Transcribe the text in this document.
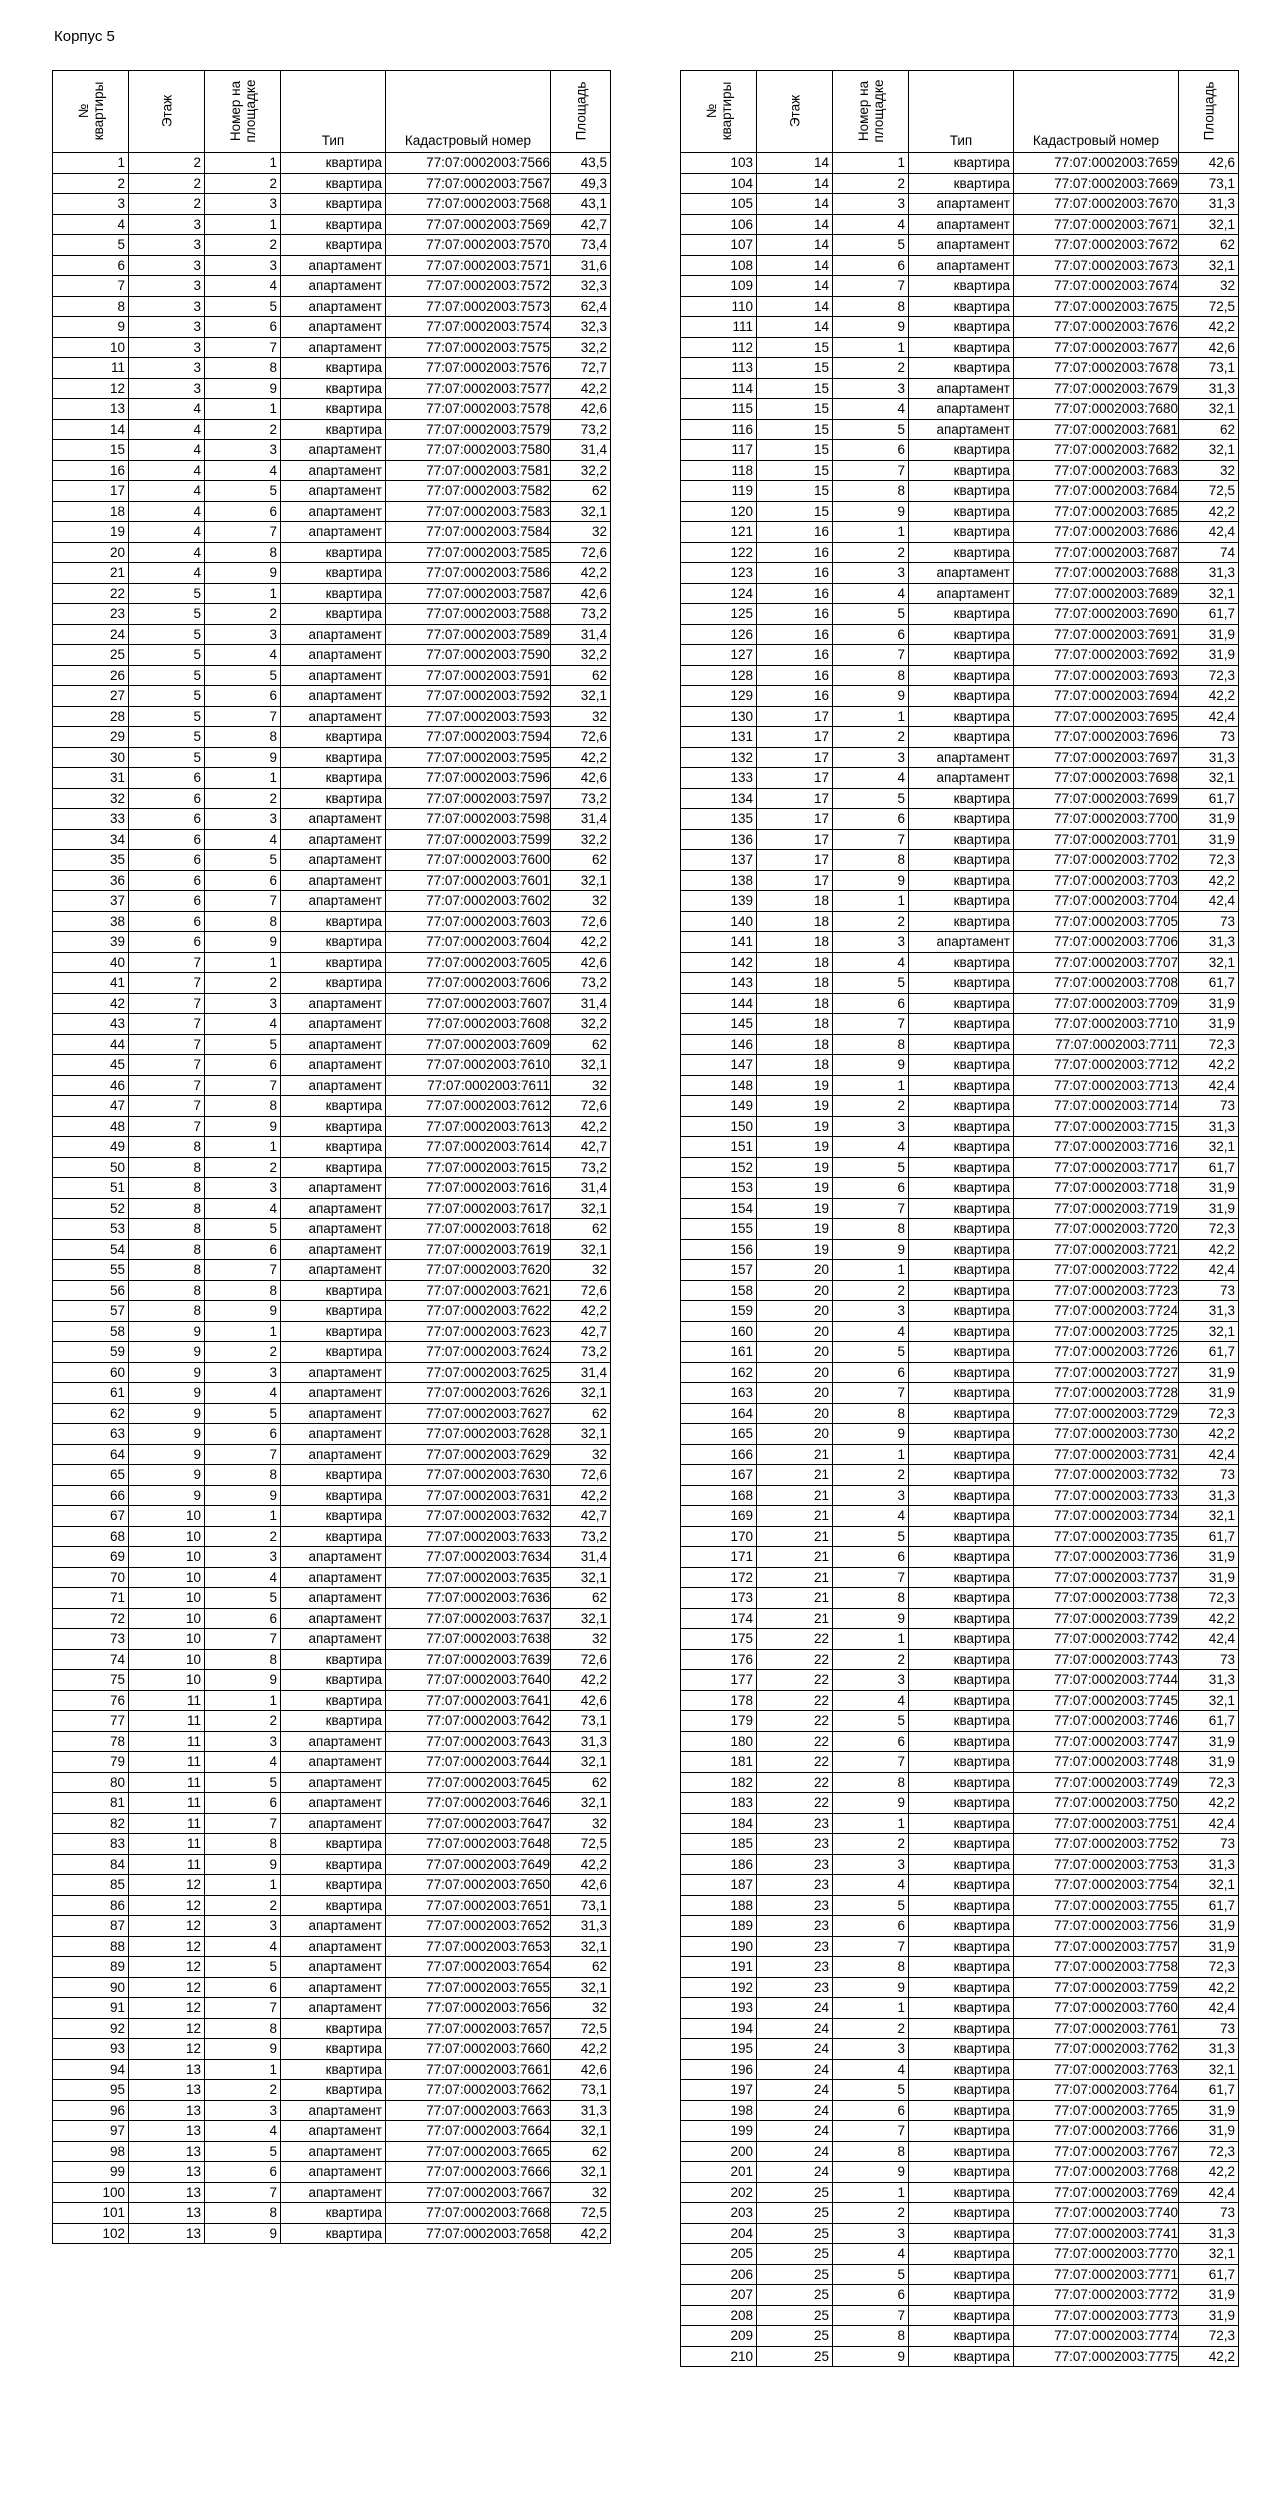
Корпус 5
№ квартиры	Этаж	Номер на площадке	Тип	Кадастровый номер	Площадь

1	2	1	квартира	77:07:0002003:7566	43,5
2	2	2	квартира	77:07:0002003:7567	49,3
3	2	3	квартира	77:07:0002003:7568	43,1
4	3	1	квартира	77:07:0002003:7569	42,7
5	3	2	квартира	77:07:0002003:7570	73,4
6	3	3	апартамент	77:07:0002003:7571	31,6
7	3	4	апартамент	77:07:0002003:7572	32,3
8	3	5	апартамент	77:07:0002003:7573	62,4
9	3	6	апартамент	77:07:0002003:7574	32,3
10	3	7	апартамент	77:07:0002003:7575	32,2
11	3	8	квартира	77:07:0002003:7576	72,7
12	3	9	квартира	77:07:0002003:7577	42,2
13	4	1	квартира	77:07:0002003:7578	42,6
14	4	2	квартира	77:07:0002003:7579	73,2
15	4	3	апартамент	77:07:0002003:7580	31,4
16	4	4	апартамент	77:07:0002003:7581	32,2
17	4	5	апартамент	77:07:0002003:7582	62
18	4	6	апартамент	77:07:0002003:7583	32,1
19	4	7	апартамент	77:07:0002003:7584	32
20	4	8	квартира	77:07:0002003:7585	72,6
21	4	9	квартира	77:07:0002003:7586	42,2
22	5	1	квартира	77:07:0002003:7587	42,6
23	5	2	квартира	77:07:0002003:7588	73,2
24	5	3	апартамент	77:07:0002003:7589	31,4
25	5	4	апартамент	77:07:0002003:7590	32,2
26	5	5	апартамент	77:07:0002003:7591	62
27	5	6	апартамент	77:07:0002003:7592	32,1
28	5	7	апартамент	77:07:0002003:7593	32
29	5	8	квартира	77:07:0002003:7594	72,6
30	5	9	квартира	77:07:0002003:7595	42,2
31	6	1	квартира	77:07:0002003:7596	42,6
32	6	2	квартира	77:07:0002003:7597	73,2
33	6	3	апартамент	77:07:0002003:7598	31,4
34	6	4	апартамент	77:07:0002003:7599	32,2
35	6	5	апартамент	77:07:0002003:7600	62
36	6	6	апартамент	77:07:0002003:7601	32,1
37	6	7	апартамент	77:07:0002003:7602	32
38	6	8	квартира	77:07:0002003:7603	72,6
39	6	9	квартира	77:07:0002003:7604	42,2
40	7	1	квартира	77:07:0002003:7605	42,6
41	7	2	квартира	77:07:0002003:7606	73,2
42	7	3	апартамент	77:07:0002003:7607	31,4
43	7	4	апартамент	77:07:0002003:7608	32,2
44	7	5	апартамент	77:07:0002003:7609	62
45	7	6	апартамент	77:07:0002003:7610	32,1
46	7	7	апартамент	77:07:0002003:7611	32
47	7	8	квартира	77:07:0002003:7612	72,6
48	7	9	квартира	77:07:0002003:7613	42,2
49	8	1	квартира	77:07:0002003:7614	42,7
50	8	2	квартира	77:07:0002003:7615	73,2
51	8	3	апартамент	77:07:0002003:7616	31,4
52	8	4	апартамент	77:07:0002003:7617	32,1
53	8	5	апартамент	77:07:0002003:7618	62
54	8	6	апартамент	77:07:0002003:7619	32,1
55	8	7	апартамент	77:07:0002003:7620	32
56	8	8	квартира	77:07:0002003:7621	72,6
57	8	9	квартира	77:07:0002003:7622	42,2
58	9	1	квартира	77:07:0002003:7623	42,7
59	9	2	квартира	77:07:0002003:7624	73,2
60	9	3	апартамент	77:07:0002003:7625	31,4
61	9	4	апартамент	77:07:0002003:7626	32,1
62	9	5	апартамент	77:07:0002003:7627	62
63	9	6	апартамент	77:07:0002003:7628	32,1
64	9	7	апартамент	77:07:0002003:7629	32
65	9	8	квартира	77:07:0002003:7630	72,6
66	9	9	квартира	77:07:0002003:7631	42,2
67	10	1	квартира	77:07:0002003:7632	42,7
68	10	2	квартира	77:07:0002003:7633	73,2
69	10	3	апартамент	77:07:0002003:7634	31,4
70	10	4	апартамент	77:07:0002003:7635	32,1
71	10	5	апартамент	77:07:0002003:7636	62
72	10	6	апартамент	77:07:0002003:7637	32,1
73	10	7	апартамент	77:07:0002003:7638	32
74	10	8	квартира	77:07:0002003:7639	72,6
75	10	9	квартира	77:07:0002003:7640	42,2
76	11	1	квартира	77:07:0002003:7641	42,6
77	11	2	квартира	77:07:0002003:7642	73,1
78	11	3	апартамент	77:07:0002003:7643	31,3
79	11	4	апартамент	77:07:0002003:7644	32,1
80	11	5	апартамент	77:07:0002003:7645	62
81	11	6	апартамент	77:07:0002003:7646	32,1
82	11	7	апартамент	77:07:0002003:7647	32
83	11	8	квартира	77:07:0002003:7648	72,5
84	11	9	квартира	77:07:0002003:7649	42,2
85	12	1	квартира	77:07:0002003:7650	42,6
86	12	2	квартира	77:07:0002003:7651	73,1
87	12	3	апартамент	77:07:0002003:7652	31,3
88	12	4	апартамент	77:07:0002003:7653	32,1
89	12	5	апартамент	77:07:0002003:7654	62
90	12	6	апартамент	77:07:0002003:7655	32,1
91	12	7	апартамент	77:07:0002003:7656	32
92	12	8	квартира	77:07:0002003:7657	72,5
93	12	9	квартира	77:07:0002003:7660	42,2
94	13	1	квартира	77:07:0002003:7661	42,6
95	13	2	квартира	77:07:0002003:7662	73,1
96	13	3	апартамент	77:07:0002003:7663	31,3
97	13	4	апартамент	77:07:0002003:7664	32,1
98	13	5	апартамент	77:07:0002003:7665	62
99	13	6	апартамент	77:07:0002003:7666	32,1
100	13	7	апартамент	77:07:0002003:7667	32
101	13	8	квартира	77:07:0002003:7668	72,5
102	13	9	квартира	77:07:0002003:7658	42,2
№ квартиры	Этаж	Номер на площадке	Тип	Кадастровый номер	Площадь

103	14	1	квартира	77:07:0002003:7659	42,6
104	14	2	квартира	77:07:0002003:7669	73,1
105	14	3	апартамент	77:07:0002003:7670	31,3
106	14	4	апартамент	77:07:0002003:7671	32,1
107	14	5	апартамент	77:07:0002003:7672	62
108	14	6	апартамент	77:07:0002003:7673	32,1
109	14	7	квартира	77:07:0002003:7674	32
110	14	8	квартира	77:07:0002003:7675	72,5
111	14	9	квартира	77:07:0002003:7676	42,2
112	15	1	квартира	77:07:0002003:7677	42,6
113	15	2	квартира	77:07:0002003:7678	73,1
114	15	3	апартамент	77:07:0002003:7679	31,3
115	15	4	апартамент	77:07:0002003:7680	32,1
116	15	5	апартамент	77:07:0002003:7681	62
117	15	6	квартира	77:07:0002003:7682	32,1
118	15	7	квартира	77:07:0002003:7683	32
119	15	8	квартира	77:07:0002003:7684	72,5
120	15	9	квартира	77:07:0002003:7685	42,2
121	16	1	квартира	77:07:0002003:7686	42,4
122	16	2	квартира	77:07:0002003:7687	74
123	16	3	апартамент	77:07:0002003:7688	31,3
124	16	4	апартамент	77:07:0002003:7689	32,1
125	16	5	квартира	77:07:0002003:7690	61,7
126	16	6	квартира	77:07:0002003:7691	31,9
127	16	7	квартира	77:07:0002003:7692	31,9
128	16	8	квартира	77:07:0002003:7693	72,3
129	16	9	квартира	77:07:0002003:7694	42,2
130	17	1	квартира	77:07:0002003:7695	42,4
131	17	2	квартира	77:07:0002003:7696	73
132	17	3	апартамент	77:07:0002003:7697	31,3
133	17	4	апартамент	77:07:0002003:7698	32,1
134	17	5	квартира	77:07:0002003:7699	61,7
135	17	6	квартира	77:07:0002003:7700	31,9
136	17	7	квартира	77:07:0002003:7701	31,9
137	17	8	квартира	77:07:0002003:7702	72,3
138	17	9	квартира	77:07:0002003:7703	42,2
139	18	1	квартира	77:07:0002003:7704	42,4
140	18	2	квартира	77:07:0002003:7705	73
141	18	3	апартамент	77:07:0002003:7706	31,3
142	18	4	квартира	77:07:0002003:7707	32,1
143	18	5	квартира	77:07:0002003:7708	61,7
144	18	6	квартира	77:07:0002003:7709	31,9
145	18	7	квартира	77:07:0002003:7710	31,9
146	18	8	квартира	77:07:0002003:7711	72,3
147	18	9	квартира	77:07:0002003:7712	42,2
148	19	1	квартира	77:07:0002003:7713	42,4
149	19	2	квартира	77:07:0002003:7714	73
150	19	3	квартира	77:07:0002003:7715	31,3
151	19	4	квартира	77:07:0002003:7716	32,1
152	19	5	квартира	77:07:0002003:7717	61,7
153	19	6	квартира	77:07:0002003:7718	31,9
154	19	7	квартира	77:07:0002003:7719	31,9
155	19	8	квартира	77:07:0002003:7720	72,3
156	19	9	квартира	77:07:0002003:7721	42,2
157	20	1	квартира	77:07:0002003:7722	42,4
158	20	2	квартира	77:07:0002003:7723	73
159	20	3	квартира	77:07:0002003:7724	31,3
160	20	4	квартира	77:07:0002003:7725	32,1
161	20	5	квартира	77:07:0002003:7726	61,7
162	20	6	квартира	77:07:0002003:7727	31,9
163	20	7	квартира	77:07:0002003:7728	31,9
164	20	8	квартира	77:07:0002003:7729	72,3
165	20	9	квартира	77:07:0002003:7730	42,2
166	21	1	квартира	77:07:0002003:7731	42,4
167	21	2	квартира	77:07:0002003:7732	73
168	21	3	квартира	77:07:0002003:7733	31,3
169	21	4	квартира	77:07:0002003:7734	32,1
170	21	5	квартира	77:07:0002003:7735	61,7
171	21	6	квартира	77:07:0002003:7736	31,9
172	21	7	квартира	77:07:0002003:7737	31,9
173	21	8	квартира	77:07:0002003:7738	72,3
174	21	9	квартира	77:07:0002003:7739	42,2
175	22	1	квартира	77:07:0002003:7742	42,4
176	22	2	квартира	77:07:0002003:7743	73
177	22	3	квартира	77:07:0002003:7744	31,3
178	22	4	квартира	77:07:0002003:7745	32,1
179	22	5	квартира	77:07:0002003:7746	61,7
180	22	6	квартира	77:07:0002003:7747	31,9
181	22	7	квартира	77:07:0002003:7748	31,9
182	22	8	квартира	77:07:0002003:7749	72,3
183	22	9	квартира	77:07:0002003:7750	42,2
184	23	1	квартира	77:07:0002003:7751	42,4
185	23	2	квартира	77:07:0002003:7752	73
186	23	3	квартира	77:07:0002003:7753	31,3
187	23	4	квартира	77:07:0002003:7754	32,1
188	23	5	квартира	77:07:0002003:7755	61,7
189	23	6	квартира	77:07:0002003:7756	31,9
190	23	7	квартира	77:07:0002003:7757	31,9
191	23	8	квартира	77:07:0002003:7758	72,3
192	23	9	квартира	77:07:0002003:7759	42,2
193	24	1	квартира	77:07:0002003:7760	42,4
194	24	2	квартира	77:07:0002003:7761	73
195	24	3	квартира	77:07:0002003:7762	31,3
196	24	4	квартира	77:07:0002003:7763	32,1
197	24	5	квартира	77:07:0002003:7764	61,7
198	24	6	квартира	77:07:0002003:7765	31,9
199	24	7	квартира	77:07:0002003:7766	31,9
200	24	8	квартира	77:07:0002003:7767	72,3
201	24	9	квартира	77:07:0002003:7768	42,2
202	25	1	квартира	77:07:0002003:7769	42,4
203	25	2	квартира	77:07:0002003:7740	73
204	25	3	квартира	77:07:0002003:7741	31,3
205	25	4	квартира	77:07:0002003:7770	32,1
206	25	5	квартира	77:07:0002003:7771	61,7
207	25	6	квартира	77:07:0002003:7772	31,9
208	25	7	квартира	77:07:0002003:7773	31,9
209	25	8	квартира	77:07:0002003:7774	72,3
210	25	9	квартира	77:07:0002003:7775	42,2
